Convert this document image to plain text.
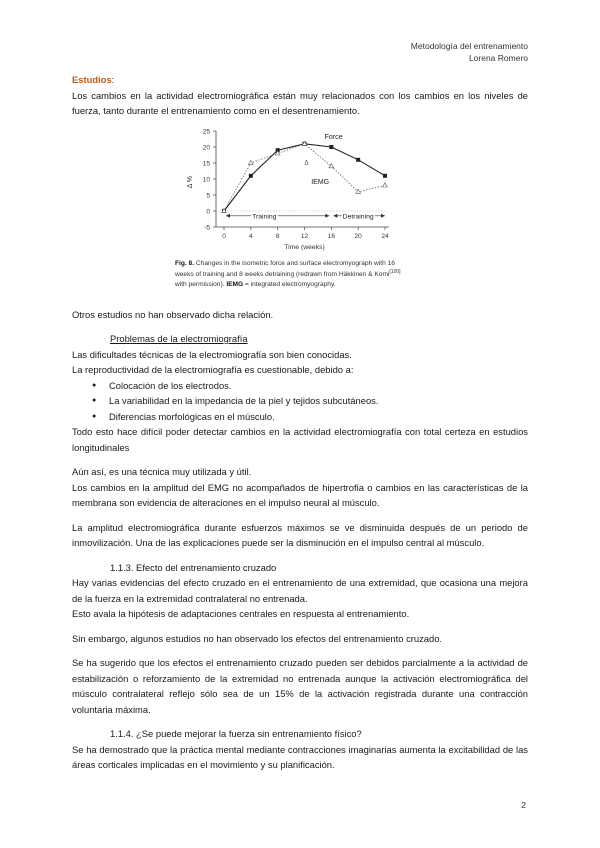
Metodología del entrenamiento
Lorena Romero

Estudios:

Los cambios en la actividad electromiográfica están muy relacionados con los cambios en los niveles de fuerza, tanto durante el entrenamiento como en el desentrenamiento.

-5
0
5
10
15
20
25
0	4	8	12	16	20	24
Time (weeks)
Δ %
Force
IEMG
Δ
Training	Detraining
Fig. 8. Changes in the isometric force and surface electromyograph with 16 weeks of training and 8 weeks detraining (redrawn from Häkkinen & Komi[100] with permission). IEMG = integrated electromyography.

Otros estudios no han observado dicha relación.

Problemas de la electromiografía

Las dificultades técnicas de la electromiografía son bien conocidas.

La reproductividad de la electromiografía es cuestionable, debido a:

● Colocación de los electrodos.
● La variabilidad en la impedancia de la piel y tejidos subcutáneos.
● Diferencias morfológicas en el músculo.

Todo esto hace difícil poder detectar cambios en la actividad electromiografía con total certeza en estudios longitudinales

Aún así, es una técnica muy utilizada y útil.

Los cambios en la amplitud del EMG no acompañados de hipertrofia o cambios en las características de la membrana son evidencia de alteraciones en el impulso neural al músculo.

La amplitud electromiográfica durante esfuerzos máximos se ve disminuida después de un periodo de inmovilización. Una de las explicaciones puede ser la disminución en el impulso central al músculo.

1.1.3. Efecto del entrenamiento cruzado

Hay varias evidencias del efecto cruzado en el entrenamiento de una extremidad, que ocasiona una mejora de la fuerza en la extremidad contralateral no entrenada.

Esto avala la hipótesis de adaptaciones centrales en respuesta al entrenamiento.

Sin embargo, algunos estudios no han observado los efectos del entrenamiento cruzado.

Se ha sugerido que los efectos el entrenamiento cruzado pueden ser debidos parcialmente a la actividad de estabilización o reforzamiento de la extremidad no entrenada aunque la activación electromiográfica del músculo contralateral reflejo sólo sea de un 15% de la activación registrada durante una contracción voluntaria máxima.

1.1.4. ¿Se puede mejorar la fuerza sin entrenamiento físico?

Se ha demostrado que la práctica mental mediante contracciones imaginarias aumenta la excitabilidad de las áreas corticales implicadas en el movimiento y su planificación.

2
